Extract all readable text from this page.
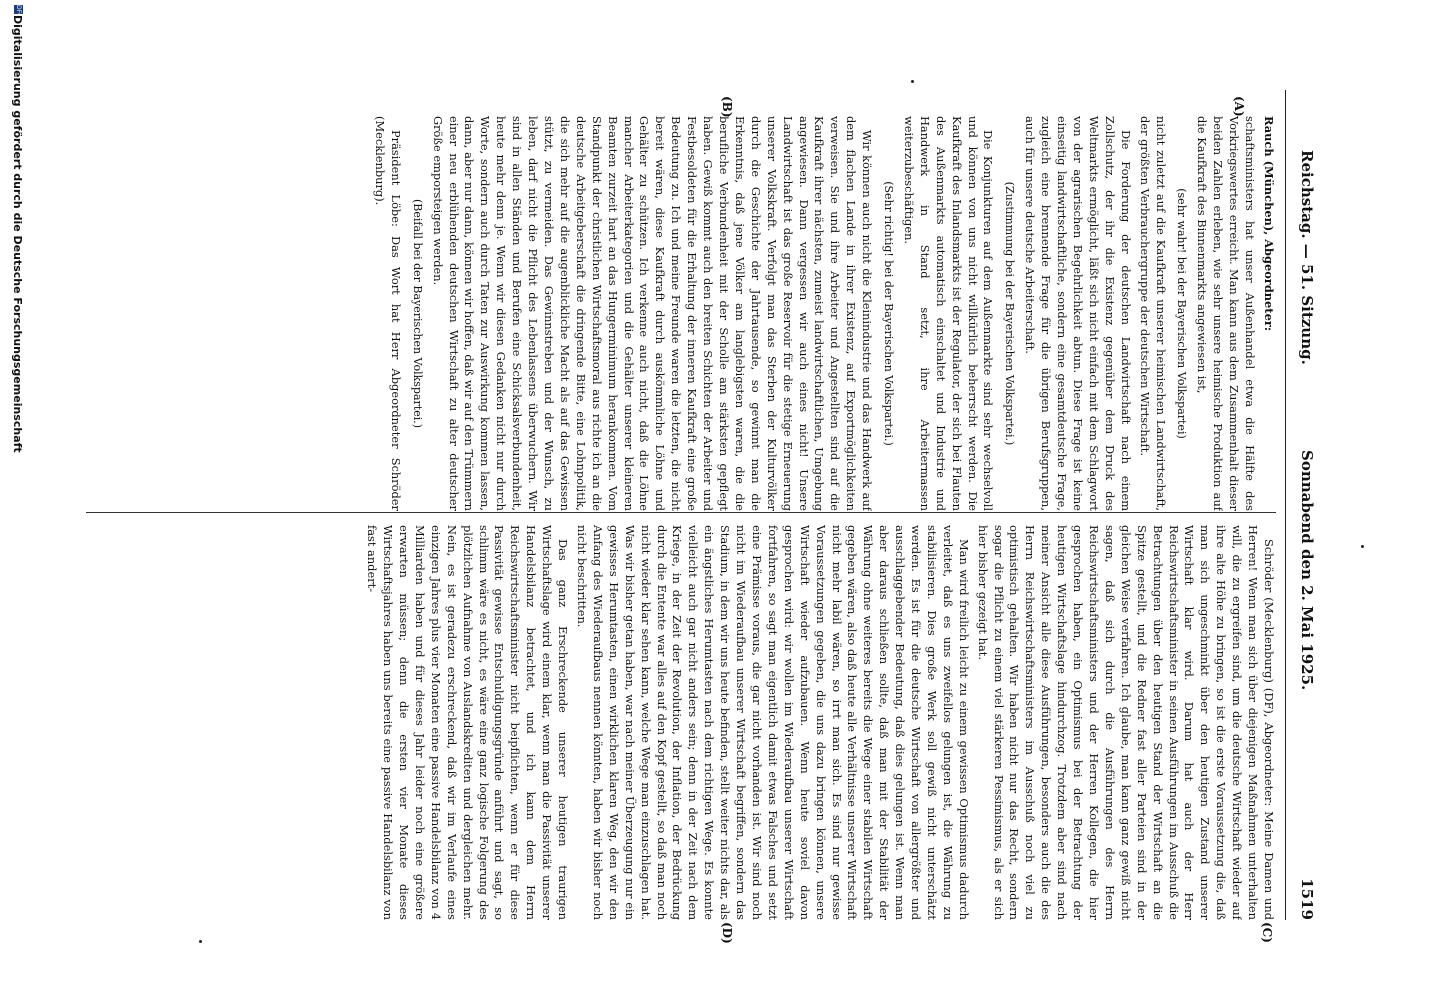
Reichstag. — 51. Sitzung.
Sonnabend den 2. Mai 1925.
1519
(A)
(B)
(C)
(D)

Rauch (München), Abgeordneter:

schaftsministers hat unser Außenhandel etwa die Hälfte des Vorkriegswertes erreicht. Man kann aus dem Zusammenhalt dieser beiden Zahlen erleben, wie sehr unsere heimische Produktion auf die Kaufkraft des Binnenmarkts angewiesen ist,

(sehr wahr! bei der Bayerischen Volkspartei)

nicht zuletzt auf die Kaufkraft unserer heimischen Landwirtschaft, der größten Verbrauchergruppe der deutschen Wirtschaft.

Die Forderung der deutschen Landwirtschaft nach einem Zollschutz, der ihr die Existenz gegenüber dem Druck des Weltmarkts ermöglicht, läßt sich nicht einfach mit dem Schlagwort von der agrarischen Begehrlichkeit abtun. Diese Frage ist keine einseitig landwirtschaftliche, sondern eine gesamtdeutsche Frage, zugleich eine brennende Frage für die übrigen Berufsgruppen, auch für unsere deutsche Arbeiterschaft.

(Zustimmung bei der Bayerischen Volkspartei.)

Die Konjunkturen auf dem Außenmarkte sind sehr wechselvoll und können von uns nicht willkürlich beherrscht werden. Die Kaufkraft des Inlandsmarkts ist der Regulator, der sich bei Flauten des Außenmarkts automatisch einschaltet und Industrie und Handwerk in Stand setzt, ihre Arbeitermassen weiterzubeschäftigen.

(Sehr richtig! bei der Bayerischen Volkspartei.)

Wir können auch nicht die Kleinindustrie und das Handwerk auf dem flachen Lande in ihrer Existenz, auf Exportmöglichkeiten verweisen. Sie und ihre Arbeiter und Angestellten sind auf die Kaufkraft ihrer nächsten, zumeist landwirtschaftlichen, Umgebung angewiesen. Dann vergessen wir auch eines nicht! Unsere Landwirtschaft ist das große Reservoir für die stetige Erneuerung unserer Volkskraft. Verfolgt man das Sterben der Kulturvölker durch die Geschichte der Jahrtausende, so gewinnt man die Erkenntnis, daß jene Völker am langlebigsten waren, die die berufliche Verbundenheit mit der Scholle am stärksten gepflegt haben. Gewiß kommt auch den breiten Schichten der Arbeiter und Festbesoldeten für die Erhaltung der inneren Kaufkraft eine große Bedeutung zu. Ich und meine Freunde waren die letzten, die nicht bereit wären, diese Kaufkraft durch auskömmliche Löhne und Gehälter zu schützen. Ich verkenne auch nicht, daß die Löhne mancher Arbeiterkategorien und die Gehälter unserer kleineren Beamten zurzeit hart an das Hungerminimum herankommen. Vom Standpunkt der christlichen Wirtschaftsmoral aus richte ich an die deutsche Arbeitgeberschaft die dringende Bitte, eine Lohnpolitik, die sich mehr auf die augenblickliche Macht als auf das Gewissen stützt, zu vermeiden. Das Gewinnstreben und der Wunsch, zu leben, darf nicht die Pflicht des Lebenlassens überwuchern. Wir sind in allen Ständen und Berufen eine Schicksalsverbundenheit, heute mehr denn je. Wenn wir diesen Gedanken nicht nur durch Worte, sondern auch durch Taten zur Auswirkung kommen lassen, dann, aber nur dann, können wir hoffen, daß wir auf den Trümmern einer neu erblühenden deutschen Wirtschaft zu alter deutscher Größe emporsteigen werden.

(Beifall bei der Bayerischen Volkspartei.)

Präsident Löbe: Das Wort hat Herr Abgeordneter Schröder (Mecklenburg).

Schröder (Mecklenburg) (DF), Abgeordneter: Meine Damen und Herren! Wenn man sich über diejenigen Maßnahmen unterhalten will, die zu ergreifen sind, um die deutsche Wirtschaft wieder auf ihre alte Höhe zu bringen, so ist die erste Voraussetzung die, daß man sich ungeschminkt über den heutigen Zustand unserer Wirtschaft klar wird. Darum hat auch der Herr Reichswirtschaftsminister in seinen Ausführungen im Ausschuß die Betrachtungen über den heutigen Stand der Wirtschaft an die Spitze gestellt, und die Redner fast aller Parteien sind in der gleichen Weise verfahren. Ich glaube, man kann ganz gewiß nicht sagen, daß sich durch die Ausführungen des Herrn Reichswirtschaftsministers und der Herren Kollegen, die hier gesprochen haben, ein Optimismus bei der Betrachtung der heutigen Wirtschaftslage hindurchzog. Trotzdem aber sind nach meiner Ansicht alle diese Ausführungen, besonders auch die des Herrn Reichswirtschaftsministers im Ausschuß noch viel zu optimistisch gehalten. Wir haben nicht nur das Recht, sondern sogar die Pflicht zu einem viel stärkeren Pessimismus, als er sich hier bisher gezeigt hat.

Man wird freilich leicht zu einem gewissen Optimismus dadurch verleitet, daß es uns zweifellos gelungen ist, die Währung zu stabilisieren. Dies große Werk soll gewiß nicht unterschätzt werden. Es ist für die deutsche Wirtschaft von allergrößter und ausschlaggebender Bedeutung, daß dies gelungen ist. Wenn man aber daraus schließen sollte, daß man mit der Stabilität der Währung ohne weiteres bereits die Wege einer stabilen Wirtschaft gegeben wären, also daß heute alle Verhältnisse unserer Wirtschaft nicht mehr labil wären, so irrt man sich. Es sind nur gewisse Voraussetzungen gegeben, die uns dazu bringen können, unsere Wirtschaft wieder aufzubauen. Wenn heute soviel davon gesprochen wird: wir wollen im Wiederaufbau unserer Wirtschaft fortfahren, so sagt man eigentlich damit etwas Falsches und setzt eine Prämisse voraus, die gar nicht vorhanden ist. Wir sind noch nicht im Wiederaufbau unserer Wirtschaft begriffen, sondern das Stadium, in dem wir uns heute befinden, stellt weiter nichts dar, als ein ängstliches Herumtasten nach dem richtigen Wege. Es konnte vielleicht auch gar nicht anders sein; denn in der Zeit nach dem Kriege, in der Zeit der Revolution, der Inflation, der Bedrückung durch die Entente war alles auf den Kopf gestellt, so daß man noch nicht wieder klar sehen kann, welche Wege man einzuschlagen hat. Was wir bisher getan haben, war nach meiner Überzeugung nur ein gewisses Herumtasten, einen wirklichen klaren Weg, den wir den Anfang des Wiederaufbaus nennen könnten, haben wir bisher noch nicht beschritten.

Das ganz Erschreckende unserer heutigen traurigen Wirtschaftslage wird einem klar, wenn man die Passivität unserer Handelsbilanz betrachtet, und ich kann dem Herrn Reichswirtschaftsminister nicht beipflichten, wenn er für diese Passivität gewisse Entschuldigungsgründe anführt und sagt, so schlimm wäre es nicht, es wäre eine ganz logische Folgerung des plötzlichen Aufnahme von Auslandskrediten und dergleichen mehr. Nein, es ist geradezu erschreckend, daß wir im Verlaufe eines einzigen Jahres plus vier Monaten eine passive Handelsbilanz von 4 Milliarden haben und für dieses Jahr leider noch eine größere erwarten müssen; denn die ersten vier Monate dieses Wirtschaftsjahres haben uns bereits eine passive Handelsbilanz von fast andert-

DFG
Digitalisierung gefördert durch die Deutsche Forschungsgemeinschaft
